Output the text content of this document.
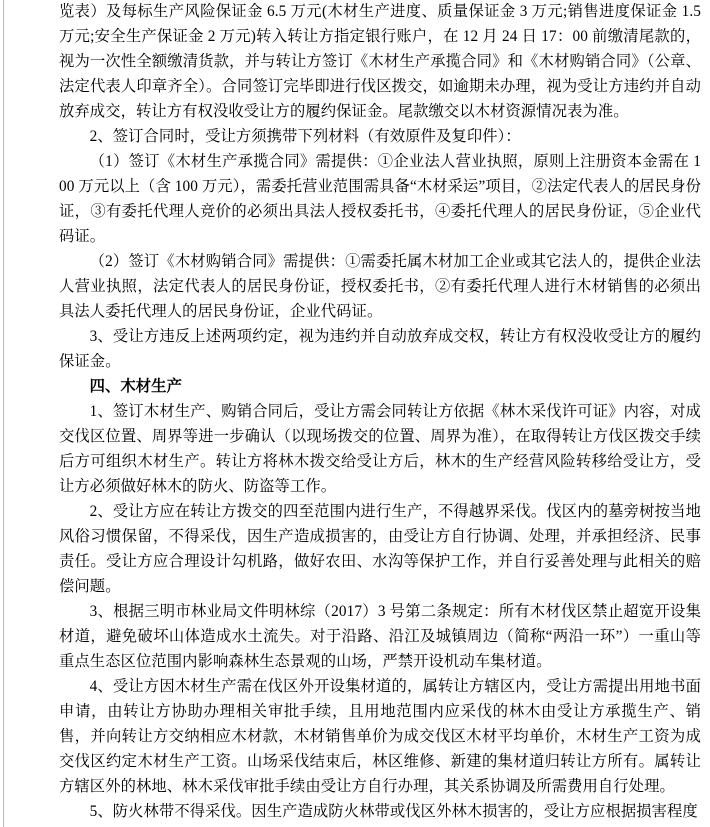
览表）及每标生产风险保证金 6.5 万元(木材生产进度、质量保证金 3 万元;销售进度保证金 1.5 万元;安全生产保证金 2 万元)转入转让方指定银行账户，在 12 月 24 日 17：00 前缴清尾款的，视为一次性全额缴清货款，并与转让方签订《木材生产承揽合同》和《木材购销合同》（公章、法定代表人印章齐全）。合同签订完毕即进行伐区拨交，如逾期未办理，视为受让方违约并自动放弃成交，转让方有权没收受让方的履约保证金。尾款缴交以木材资源情况表为准。

2、签订合同时，受让方须携带下列材料（有效原件及复印件）：

（1）签订《木材生产承揽合同》需提供：①企业法人营业执照，原则上注册资本金需在 100 万元以上（含 100 万元），需委托营业范围需具备“木材采运”项目，②法定代表人的居民身份证，③有委托代理人竞价的必须出具法人授权委托书，④委托代理人的居民身份证，⑤企业代码证。

（2）签订《木材购销合同》需提供：①需委托属木材加工企业或其它法人的，提供企业法人营业执照，法定代表人的居民身份证，授权委托书，②有委托代理人进行木材销售的必须出具法人委托代理人的居民身份证，企业代码证。

3、受让方违反上述两项约定，视为违约并自动放弃成交权，转让方有权没收受让方的履约保证金。

四、木材生产

1、签订木材生产、购销合同后，受让方需会同转让方依据《林木采伐许可证》内容，对成交伐区位置、周界等进一步确认（以现场拨交的位置、周界为准），在取得转让方伐区拨交手续后方可组织木材生产。转让方将林木拨交给受让方后，林木的生产经营风险转移给受让方，受让方必须做好林木的防火、防盗等工作。

2、受让方应在转让方拨交的四至范围内进行生产，不得越界采伐。伐区内的墓旁树按当地风俗习惯保留，不得采伐，因生产造成损害的，由受让方自行协调、处理，并承担经济、民事责任。受让方应合理设计勾机路，做好农田、水沟等保护工作，并自行妥善处理与此相关的赔偿问题。

3、根据三明市林业局文件明林综（2017）3 号第二条规定：所有木材伐区禁止超宽开设集材道，避免破坏山体造成水土流失。对于沿路、沿江及城镇周边（简称“两沿一环”）一重山等重点生态区位范围内影响森林生态景观的山场，严禁开设机动车集材道。

4、受让方因木材生产需在伐区外开设集材道的，属转让方辖区内，受让方需提出用地书面申请，由转让方协助办理相关审批手续，且用地范围内应采伐的林木由受让方承揽生产、销售，并向转让方交纳相应木材款，木材销售单价为成交伐区木材平均单价，木材生产工资为成交伐区约定木材生产工资。山场采伐结束后，林区维修、新建的集材道归转让方所有。属转让方辖区外的林地、林木采伐审批手续由受让方自行办理，其关系协调及所需费用自行处理。

5、防火林带不得采伐。因生产造成防火林带或伐区外林木损害的，受让方应根据损害程度
